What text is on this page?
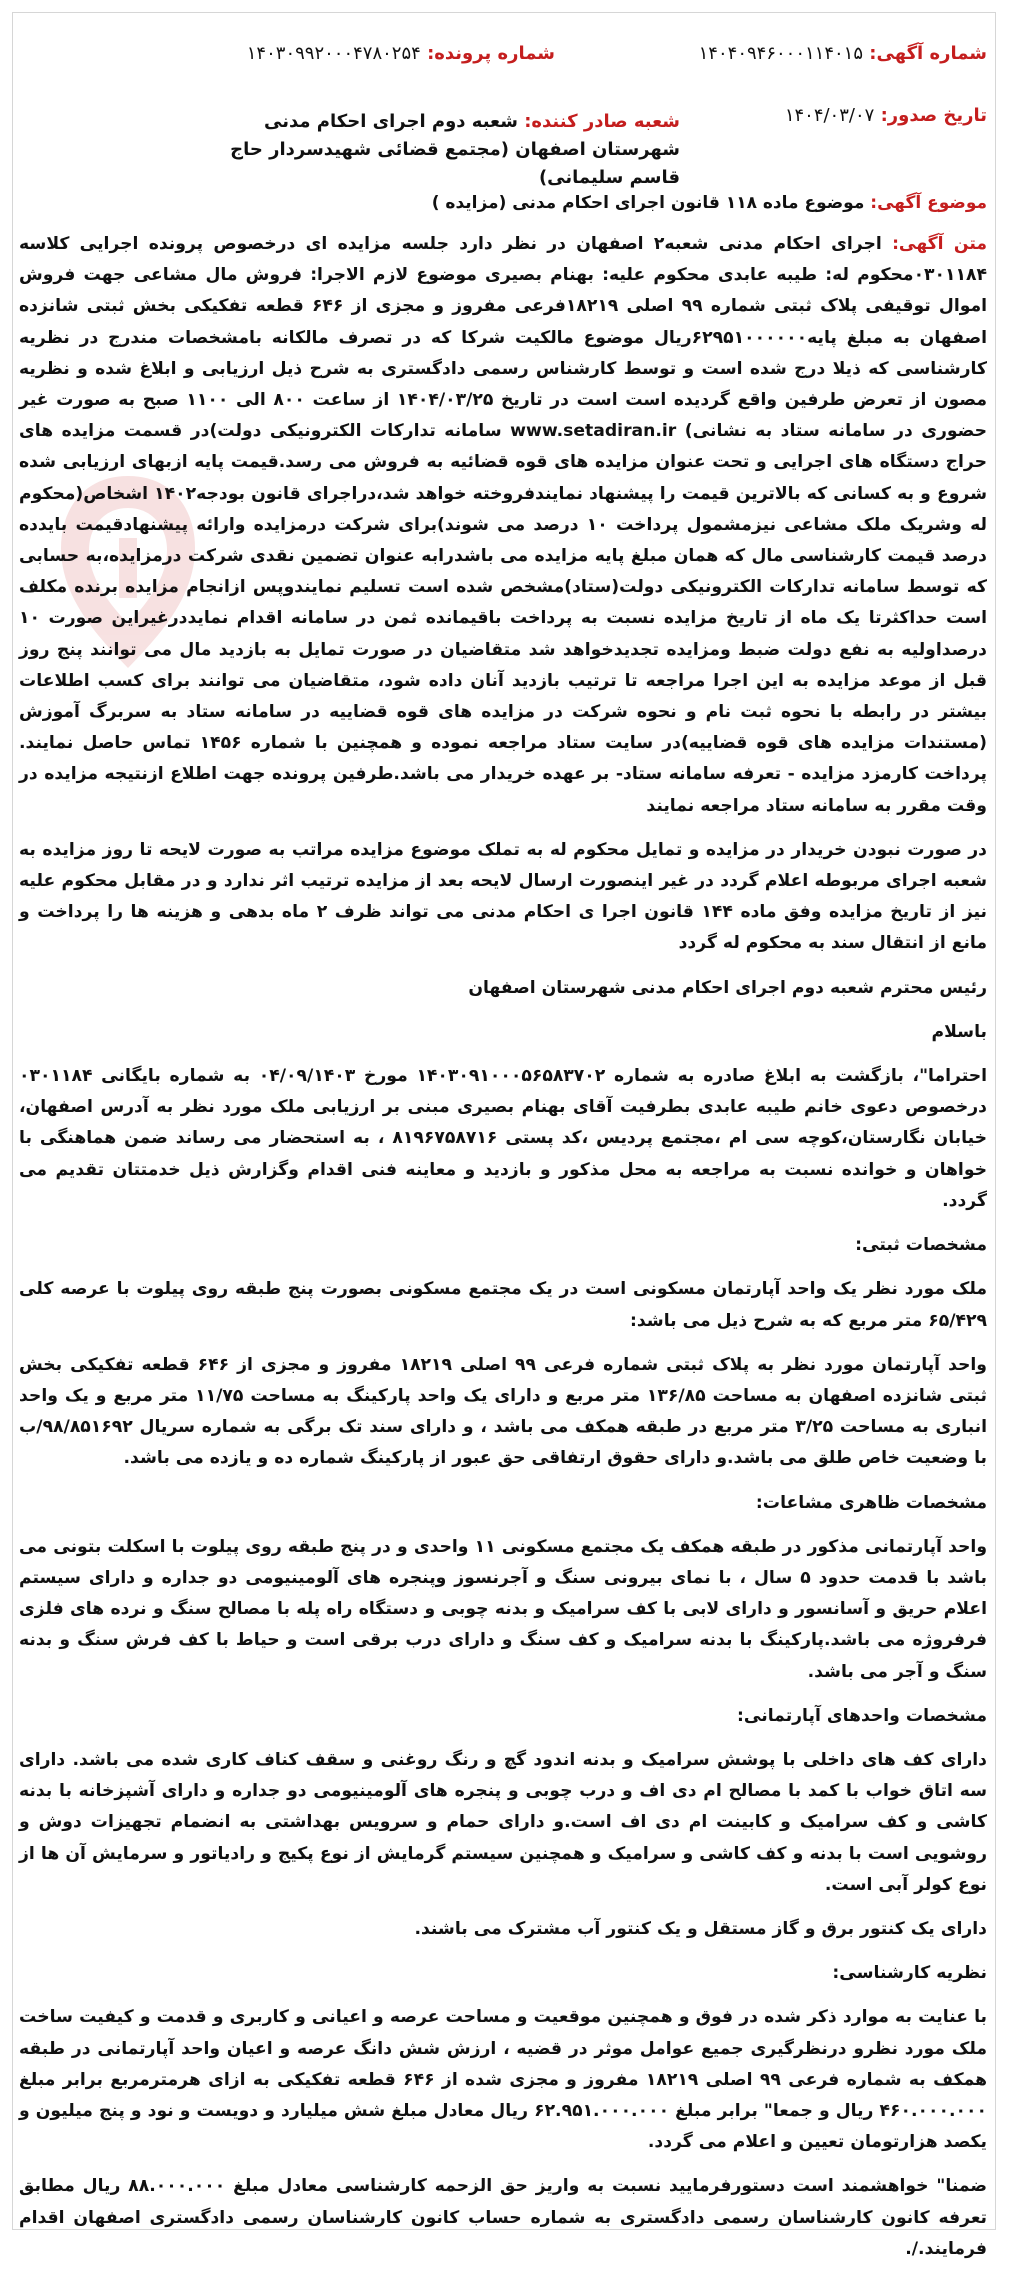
شماره آگهی: ۱۴۰۴۰۹۴۶۰۰۰۱۱۴۰۱۵
تاریخ صدور: ۱۴۰۴/۰۳/۰۷
شماره پرونده: ۱۴۰۳۰۹۹۲۰۰۰۴۷۸۰۲۵۴
شعبه صادر کننده: شعبه دوم اجرای احکام مدنی شهرستان اصفهان (مجتمع قضائی شهیدسردار حاج قاسم سلیمانی)
موضوع آگهی: موضوع ماده ۱۱۸ قانون اجرای احکام مدنی (مزایده )

متن آگهی: اجرای احکام مدنی شعبه۲ اصفهان در نظر دارد جلسه مزایده ای درخصوص پرونده اجرایی کلاسه ۰۳۰۱۱۸۴محکوم له: طیبه عابدی محکوم علیه: بهنام بصیری موضوع لازم الاجرا: فروش مال مشاعی جهت فروش اموال توقیفی پلاک ثبتی شماره ۹۹ اصلی ۱۸۲۱۹فرعی مفروز و مجزی از ۶۴۶ قطعه تفکیکی بخش ثبتی شانزده اصفهان به مبلغ پایه۶۲۹۵۱۰۰۰۰۰۰ریال موضوع مالکیت شرکا که در تصرف مالکانه بامشخصات مندرج در نظریه کارشناسی که ذیلا درج شده است و توسط کارشناس رسمی دادگستری به شرح ذیل ارزیابی و ابلاغ شده و نظریه مصون از تعرض طرفین واقع گردیده است است در تاریخ ۱۴۰۴/۰۳/۲۵ از ساعت ۸۰۰ الی ۱۱۰۰ صبح به صورت غیر حضوری در سامانه ستاد به نشانی) www.setadiran.ir سامانه تدارکات الکترونیکی دولت)در قسمت مزایده های حراج دستگاه های اجرایی و تحت عنوان مزایده های قوه قضائیه به فروش می رسد.قیمت پایه ازبهای ارزیابی شده شروع و به کسانی که بالاترین قیمت را پیشنهاد نمایندفروخته خواهد شد،دراجرای قانون بودجه۱۴۰۲ اشخاص(محکوم له وشریک ملک مشاعی نیزمشمول پرداخت ۱۰ درصد می شوند)برای شرکت درمزایده وارائه پیشنهادقیمت بایدده درصد قیمت کارشناسی مال که همان مبلغ پایه مزایده می باشدرابه عنوان تضمین نقدی شرکت درمزایده،به حسابی که توسط سامانه تدارکات الکترونیکی دولت(ستاد)مشخص شده است تسلیم نمایندوپس ازانجام مزایده برنده مکلف است حداکثرتا یک ماه از تاریخ مزایده نسبت به پرداخت باقیمانده ثمن در سامانه اقدام نمایددرغیراین صورت ۱۰ درصداولیه به نفع دولت ضبط ومزایده تجدیدخواهد شد متقاضیان در صورت تمایل به بازدید مال می توانند پنج روز قبل از موعد مزایده به این اجرا مراجعه تا ترتیب بازدید آنان داده شود، متقاضیان می توانند برای کسب اطلاعات بیشتر در رابطه با نحوه ثبت نام و نحوه شرکت در مزایده های قوه قضاییه در سامانه ستاد به سربرگ آموزش (مستندات مزایده های قوه قضاییه)در سایت ستاد مراجعه نموده و همچنین با شماره ۱۴۵۶ تماس حاصل نمایند. پرداخت کارمزد مزایده - تعرفه سامانه ستاد- بر عهده خریدار می باشد.طرفین پرونده جهت اطلاع ازنتیجه مزایده در وقت مقرر به سامانه ستاد مراجعه نمایند

در صورت نبودن خریدار در مزایده و تمایل محکوم له به تملک موضوع مزایده مراتب به صورت لایحه تا روز مزایده به شعبه اجرای مربوطه اعلام گردد در غیر اینصورت ارسال لایحه بعد از مزایده ترتیب اثر ندارد و در مقابل محکوم علیه نیز از تاریخ مزایده وفق ماده ۱۴۴ قانون اجرا ی احکام مدنی می تواند ظرف ۲ ماه بدهی و هزینه ها را پرداخت و مانع از انتقال سند به محکوم له گردد

رئیس محترم شعبه دوم اجرای احکام مدنی شهرستان اصفهان

باسلام

احتراما"، بازگشت به ابلاغ صادره به شماره ۱۴۰۳۰۹۱۰۰۰۵۶۵۸۳۷۰۲ مورخ ۰۴/۰۹/۱۴۰۳ به شماره بایگانی ۰۳۰۱۱۸۴ درخصوص دعوی خانم طیبه عابدی بطرفیت آقای بهنام بصیری مبنی بر ارزیابی ملک مورد نظر به آدرس اصفهان، خیابان نگارستان،کوچه سی ام ،مجتمع پردیس ،کد پستی ۸۱۹۶۷۵۸۷۱۶ ، به استحضار می رساند ضمن هماهنگی با خواهان و خوانده نسبت به مراجعه به محل مذکور و بازدید و معاینه فنی اقدام وگزارش ذیل خدمتتان تقدیم می گردد.

مشخصات ثبتی:

ملک مورد نظر یک واحد آپارتمان مسکونی است در یک مجتمع مسکونی بصورت پنج طبقه روی پیلوت با عرصه کلی ۶۵/۴۲۹ متر مربع که به شرح ذیل می باشد:

واحد آپارتمان مورد نظر به پلاک ثبتی شماره فرعی ۹۹ اصلی ۱۸۲۱۹ مفروز و مجزی از ۶۴۶ قطعه تفکیکی بخش ثبتی شانزده اصفهان به مساحت ۱۳۶/۸۵ متر مربع و دارای یک واحد پارکینگ به مساحت ۱۱/۷۵ متر مربع و یک واحد انباری به مساحت ۳/۲۵ متر مربع در طبقه همکف می باشد ، و دارای سند تک برگی به شماره سریال ۹۸/۸۵۱۶۹۲/ب با وضعیت خاص طلق می باشد.و دارای حقوق ارتفاقی حق عبور از پارکینگ شماره ده و یازده می باشد.

مشخصات ظاهری مشاعات:

واحد آپارتمانی مذکور در طبقه همکف یک مجتمع مسکونی ۱۱ واحدی و در پنج طبقه روی پیلوت با اسکلت بتونی می باشد با قدمت حدود ۵ سال ، با نمای بیرونی سنگ و آجرنسوز وپنجره های آلومینیومی دو جداره و دارای سیستم اعلام حریق و آسانسور و دارای لابی با کف سرامیک و بدنه چوبی و دستگاه راه پله با مصالح سنگ و نرده های فلزی فرفروژه می باشد.پارکینگ با بدنه سرامیک و کف سنگ و دارای درب برقی است و حیاط با کف فرش سنگ و بدنه سنگ و آجر می باشد.

مشخصات واحدهای آپارتمانی:

دارای کف های داخلی با پوشش سرامیک و بدنه اندود گچ و رنگ روغنی و سقف کناف کاری شده می باشد. دارای سه اتاق خواب با کمد با مصالح ام دی اف و درب چوبی و پنجره های آلومینیومی دو جداره و دارای آشپزخانه با بدنه کاشی و کف سرامیک و کابینت ام دی اف است.و دارای حمام و سرویس بهداشتی به انضمام تجهیزات دوش و روشویی است با بدنه و کف کاشی و سرامیک و همچنین سیستم گرمایش از نوع پکیج و رادیاتور و سرمایش آن ها از نوع کولر آبی است.

دارای یک کنتور برق و گاز مستقل و یک کنتور آب مشترک می باشند.

نظریه کارشناسی:

با عنایت به موارد ذکر شده در فوق و همچنین موقعیت و مساحت عرصه و اعیانی و کاربری و قدمت و کیفیت ساخت ملک مورد نظرو درنظرگیری جمیع عوامل موثر در قضیه ، ارزش شش دانگ عرصه و اعیان واحد آپارتمانی در طبقه همکف به شماره فرعی ۹۹ اصلی ۱۸۲۱۹ مفروز و مجزی شده از ۶۴۶ قطعه تفکیکی به ازای هرمترمربع برابر مبلغ ۴۶۰.۰۰۰.۰۰۰ ریال و جمعا" برابر مبلغ ۶۲.۹۵۱.۰۰۰.۰۰۰ ریال معادل مبلغ شش میلیارد و دویست و نود و پنج میلیون و یکصد هزارتومان تعیین و اعلام می گردد.

ضمنا" خواهشمند است دستورفرمایید نسبت به واریز حق الزحمه کارشناسی معادل مبلغ ۸۸.۰۰۰.۰۰۰ ریال مطابق تعرفه کانون کارشناسان رسمی دادگستری به شماره حساب کانون کارشناسان رسمی دادگستری اصفهان اقدام فرمایند./.
